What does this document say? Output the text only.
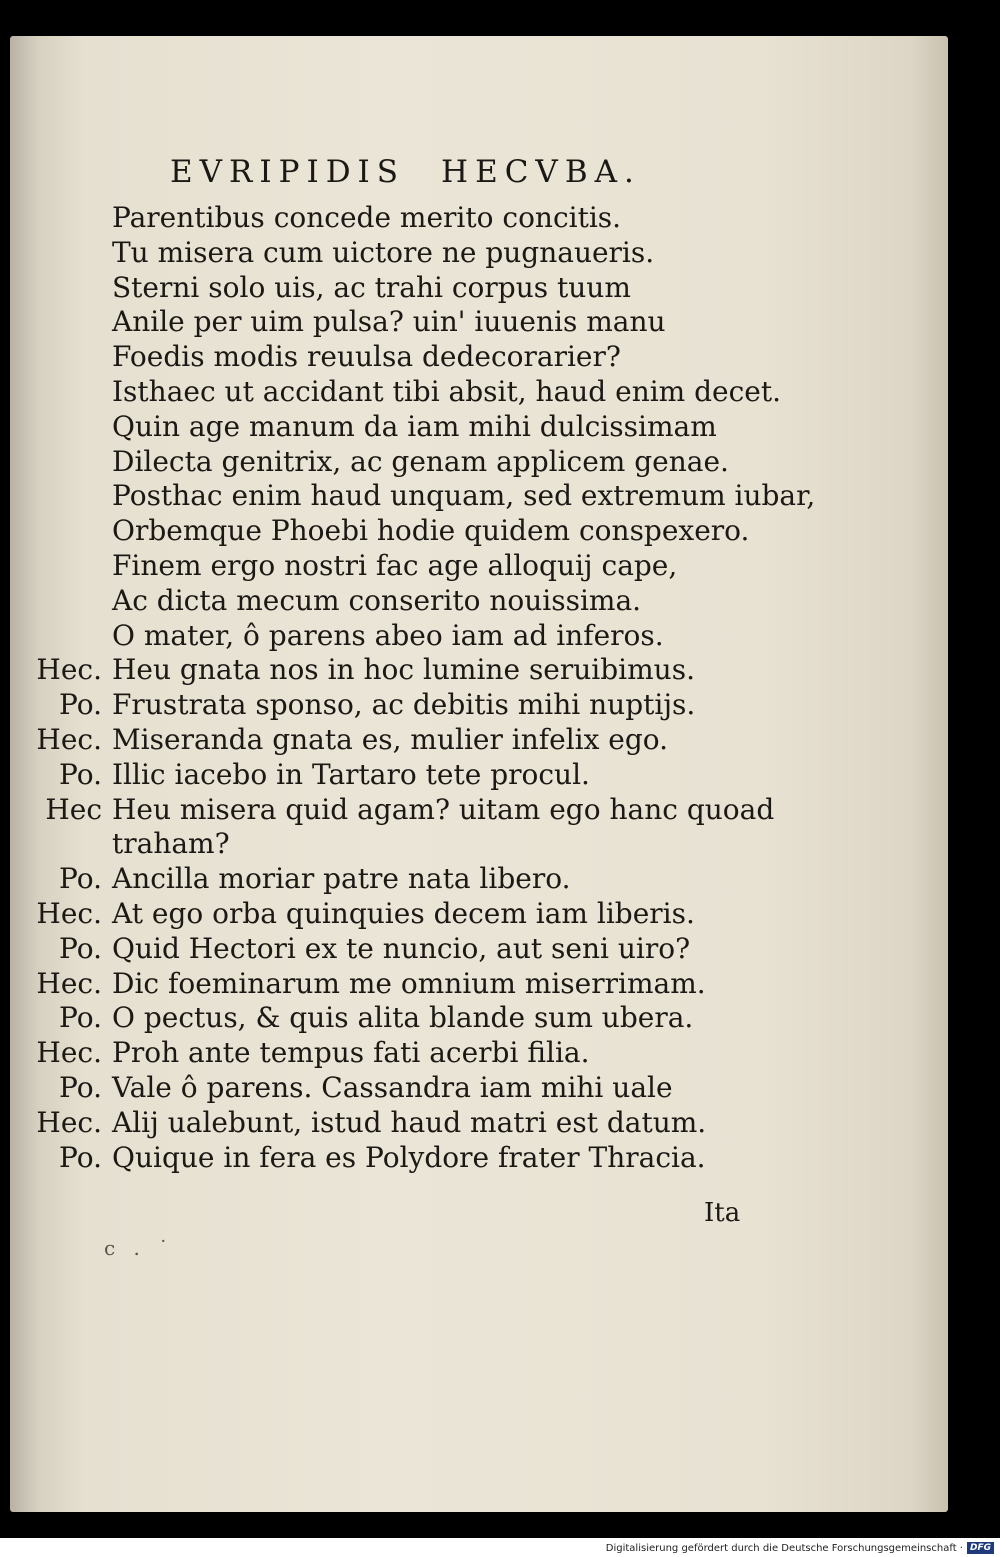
EVRIPIDIS HECVBA.
Parentibus concede merito concitis.
Tu misera cum uictore ne pugnaueris.
Sterni solo uis, ac trahi corpus tuum
Anile per uim pulsa? uin' iuuenis manu
Foedis modis reuulsa dedecorarier?
Isthaec ut accidant tibi absit, haud enim decet.
Quin age manum da iam mihi dulcissimam
Dilecta genitrix, ac genam applicem genae.
Posthac enim haud unquam, sed extremum iubar,
Orbemque Phoebi hodie quidem conspexero.
Finem ergo nostri fac age alloquij cape,
Ac dicta mecum conserito nouissima.
O mater, ô parens abeo iam ad inferos.
Hec. Heu gnata nos in hoc lumine seruibimus.
Po. Frustrata sponso, ac debitis mihi nuptijs.
Hec. Miseranda gnata es, mulier infelix ego.
Po. Illic iacebo in Tartaro tete procul.
Hec Heu misera quid agam? uitam ego hanc quoad
traham?
Po. Ancilla moriar patre nata libero.
Hec. At ego orba quinquies decem iam liberis.
Po. Quid Hectori ex te nuncio, aut seni uiro?
Hec. Dic foeminarum me omnium miserrimam.
Po. O pectus, & quis alita blande sum ubera.
Hec. Proh ante tempus fati acerbi filia.
Po. Vale ô parens. Cassandra iam mihi uale
Hec. Alij ualebunt, istud haud matri est datum.
Po. Quique in fera es Polydore frater Thracia.
Ita
c . ˙
Digitalisierung gefördert durch die Deutsche Forschungsgemeinschaft · DFG
